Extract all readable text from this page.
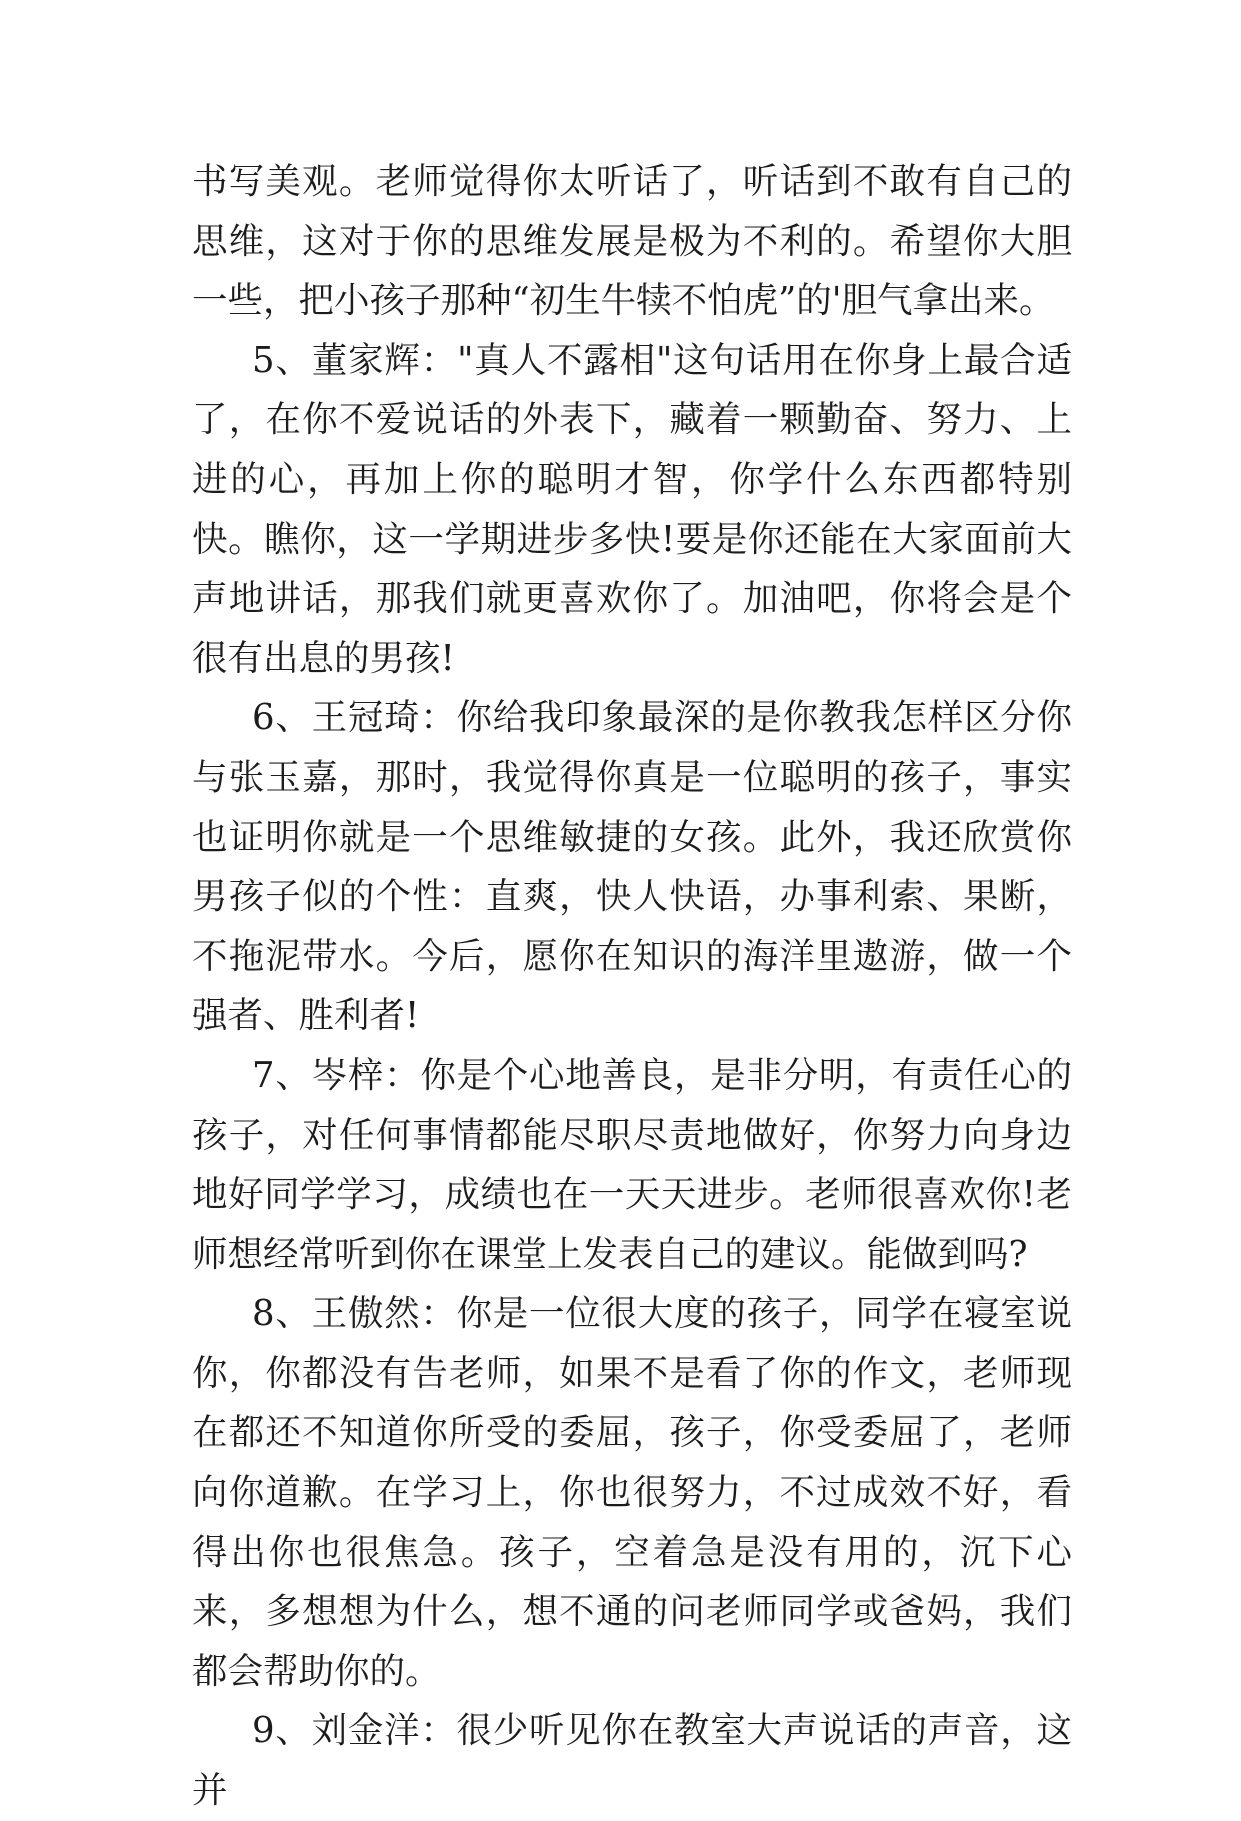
书写美观。老师觉得你太听话了，听话到不敢有自己的思维，这对于你的思维发展是极为不利的。希望你大胆一些，把小孩子那种“初生牛犊不怕虎”的'胆气拿出来。

5、董家辉："真人不露相"这句话用在你身上最合适了，在你不爱说话的外表下，藏着一颗勤奋、努力、上进的心，再加上你的聪明才智，你学什么东西都特别快。瞧你，这一学期进步多快!要是你还能在大家面前大声地讲话，那我们就更喜欢你了。加油吧，你将会是个很有出息的男孩!

6、王冠琦：你给我印象最深的是你教我怎样区分你与张玉嘉，那时，我觉得你真是一位聪明的孩子，事实也证明你就是一个思维敏捷的女孩。此外，我还欣赏你男孩子似的个性：直爽，快人快语，办事利索、果断，不拖泥带水。今后，愿你在知识的海洋里遨游，做一个强者、胜利者!

7、岑梓：你是个心地善良，是非分明，有责任心的孩子，对任何事情都能尽职尽责地做好，你努力向身边地好同学学习，成绩也在一天天进步。老师很喜欢你!老师想经常听到你在课堂上发表自己的建议。能做到吗?

8、王傲然：你是一位很大度的孩子，同学在寝室说你，你都没有告老师，如果不是看了你的作文，老师现在都还不知道你所受的委屈，孩子，你受委屈了，老师向你道歉。在学习上，你也很努力，不过成效不好，看得出你也很焦急。孩子，空着急是没有用的，沉下心来，多想想为什么，想不通的问老师同学或爸妈，我们都会帮助你的。

9、刘金洋：很少听见你在教室大声说话的声音，这并
